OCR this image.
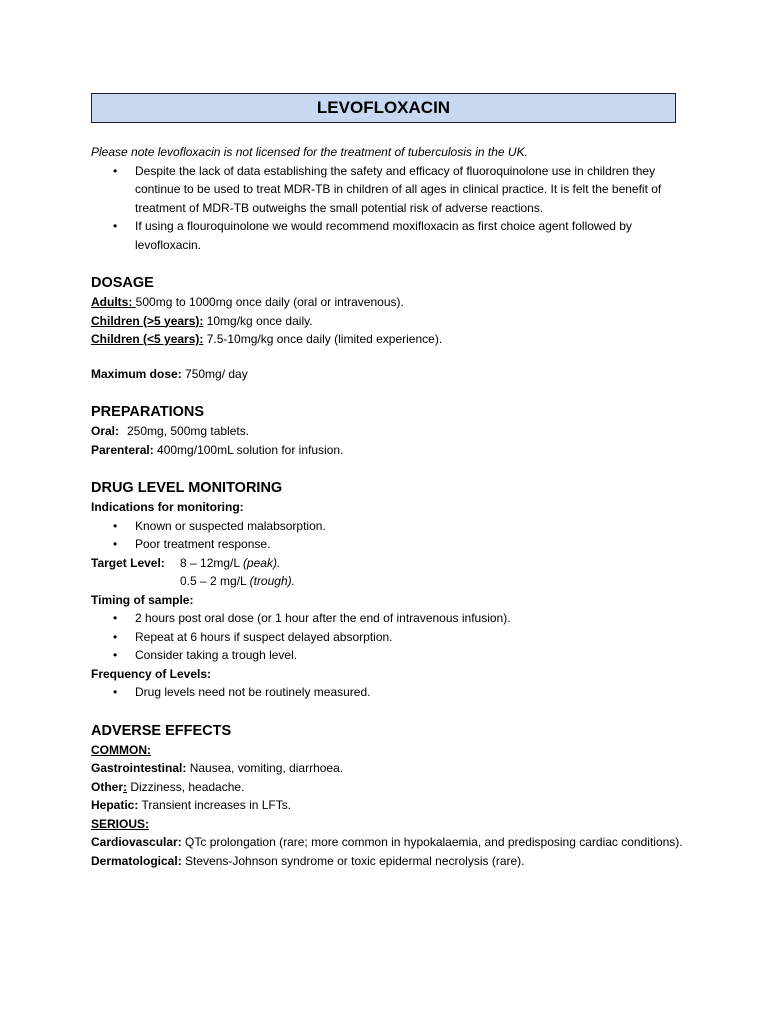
LEVOFLOXACIN
Please note levofloxacin is not licensed for the treatment of tuberculosis in the UK.
• Despite the lack of data establishing the safety and efficacy of fluoroquinolone use in children they continue to be used to treat MDR-TB in children of all ages in clinical practice. It is felt the benefit of treatment of MDR-TB outweighs the small potential risk of adverse reactions.
• If using a flouroquinolone we would recommend moxifloxacin as first choice agent followed by levofloxacin.
DOSAGE
Adults: 500mg to 1000mg once daily (oral or intravenous).
Children (>5 years): 10mg/kg once daily.
Children (<5 years): 7.5-10mg/kg once daily (limited experience).
Maximum dose: 750mg/ day
PREPARATIONS
Oral: 250mg, 500mg tablets.
Parenteral: 400mg/100mL solution for infusion.
DRUG LEVEL MONITORING
Indications for monitoring:
• Known or suspected malabsorption.
• Poor treatment response.
Target Level: 8 – 12mg/L (peak).
0.5 – 2 mg/L (trough).
Timing of sample:
• 2 hours post oral dose (or 1 hour after the end of intravenous infusion).
• Repeat at 6 hours if suspect delayed absorption.
• Consider taking a trough level.
Frequency of Levels:
• Drug levels need not be routinely measured.
ADVERSE EFFECTS
COMMON:
Gastrointestinal: Nausea, vomiting, diarrhoea.
Other: Dizziness, headache.
Hepatic: Transient increases in LFTs.
SERIOUS:
Cardiovascular: QTc prolongation (rare; more common in hypokalaemia, and predisposing cardiac conditions).
Dermatological: Stevens-Johnson syndrome or toxic epidermal necrolysis (rare).
